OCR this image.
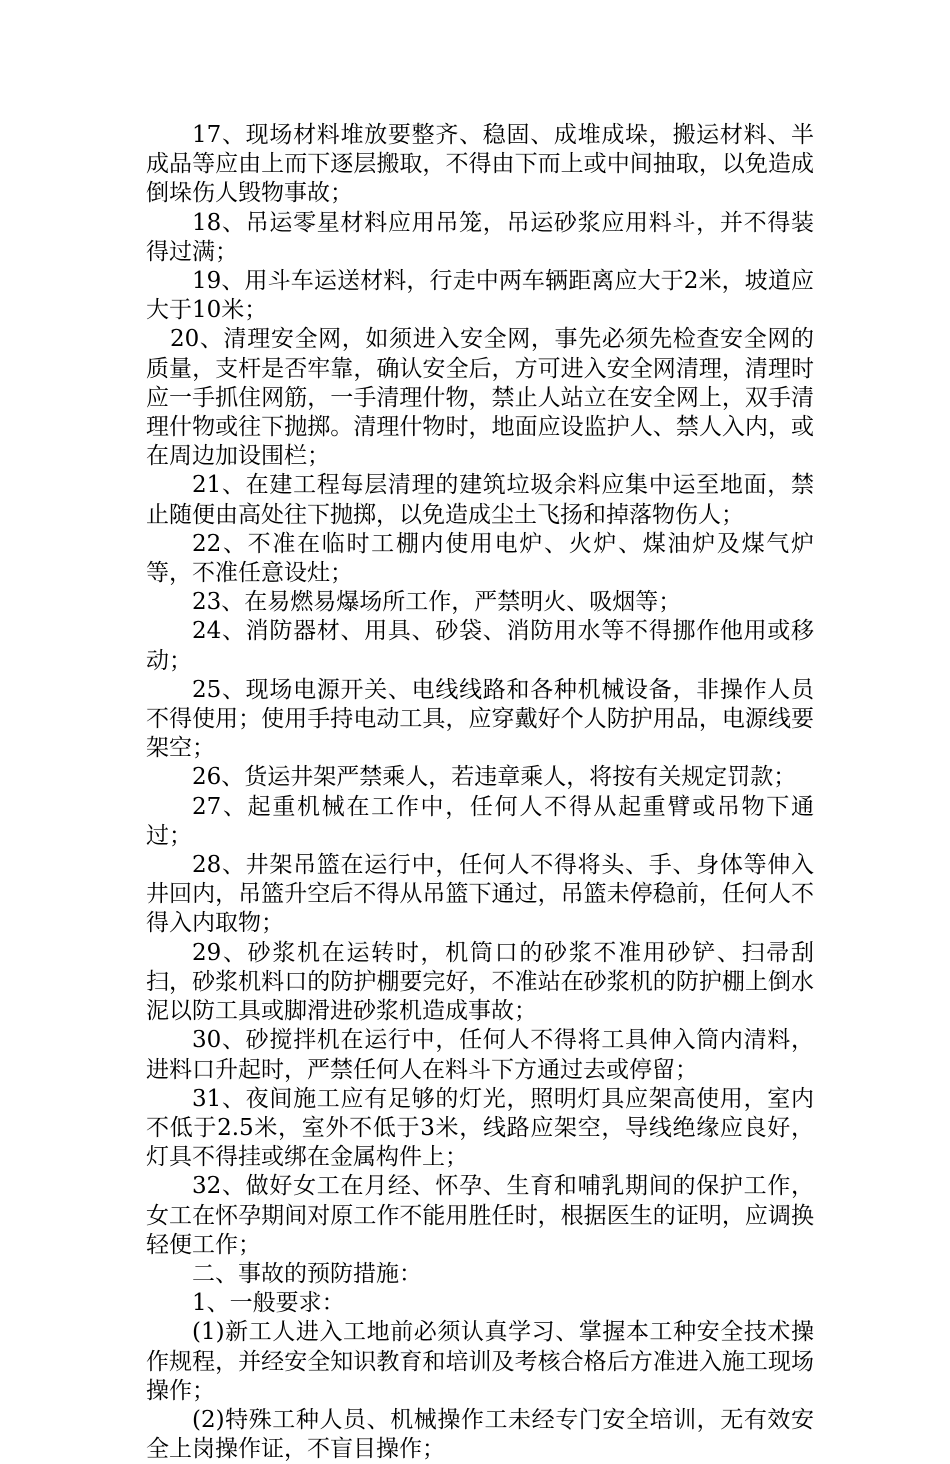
17、现场材料堆放要整齐、稳固、成堆成垛，搬运材料、半成品等应由上而下逐层搬取，不得由下而上或中间抽取，以免造成倒垛伤人毁物事故；

18、吊运零星材料应用吊笼，吊运砂浆应用料斗，并不得装得过满；

19、用斗车运送材料，行走中两车辆距离应大于2米，坡道应大于10米；

20、清理安全网，如须进入安全网，事先必须先检查安全网的质量，支杆是否牢靠，确认安全后，方可进入安全网清理，清理时应一手抓住网筋，一手清理什物，禁止人站立在安全网上，双手清理什物或往下抛掷。清理什物时，地面应设监护人、禁人入内，或在周边加设围栏；

21、在建工程每层清理的建筑垃圾余料应集中运至地面，禁止随便由高处往下抛掷，以免造成尘土飞扬和掉落物伤人；

22、不准在临时工棚内使用电炉、火炉、煤油炉及煤气炉等，不准任意设灶；

23、在易燃易爆场所工作，严禁明火、吸烟等；

24、消防器材、用具、砂袋、消防用水等不得挪作他用或移动；

25、现场电源开关、电线线路和各种机械设备，非操作人员不得使用；使用手持电动工具，应穿戴好个人防护用品，电源线要架空；

26、货运井架严禁乘人，若违章乘人，将按有关规定罚款；

27、起重机械在工作中，任何人不得从起重臂或吊物下通过；

28、井架吊篮在运行中，任何人不得将头、手、身体等伸入井回内，吊篮升空后不得从吊篮下通过，吊篮未停稳前，任何人不得入内取物；

29、砂浆机在运转时，机筒口的砂浆不准用砂铲、扫帚刮扫，砂浆机料口的防护棚要完好，不准站在砂浆机的防护棚上倒水泥以防工具或脚滑进砂浆机造成事故；

30、砂搅拌机在运行中，任何人不得将工具伸入筒内清料，进料口升起时，严禁任何人在料斗下方通过去或停留；

31、夜间施工应有足够的灯光，照明灯具应架高使用，室内不低于2.5米，室外不低于3米，线路应架空，导线绝缘应良好，灯具不得挂或绑在金属构件上；

32、做好女工在月经、怀孕、生育和哺乳期间的保护工作，女工在怀孕期间对原工作不能用胜任时，根据医生的证明，应调换轻便工作；

二、事故的预防措施：

1、一般要求：

(1)新工人进入工地前必须认真学习、掌握本工种安全技术操作规程，并经安全知识教育和培训及考核合格后方准进入施工现场操作；

(2)特殊工种人员、机械操作工未经专门安全培训，无有效安全上岗操作证，不盲目操作；
